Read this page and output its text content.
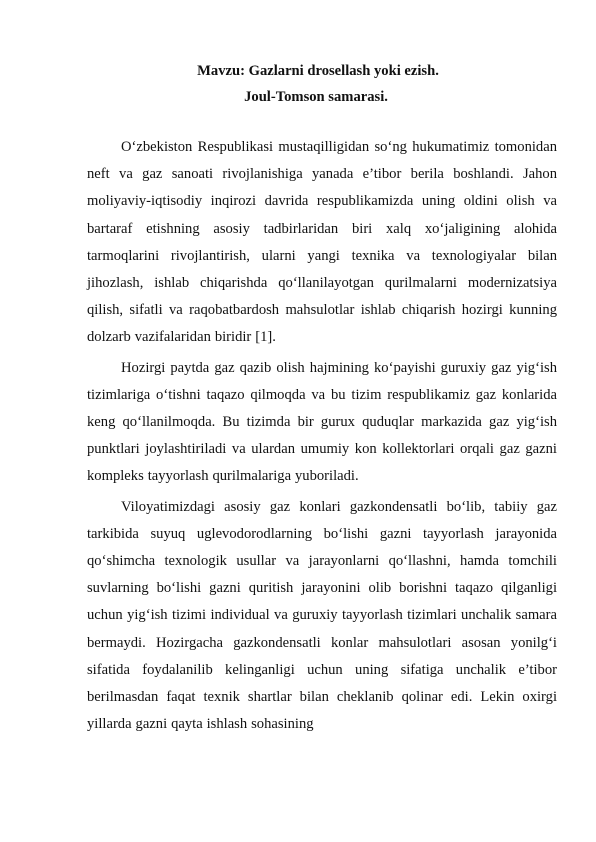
Mavzu: Gazlarni drosellash yoki ezish.
Joul-Tomson samarasi.

O‘zbekiston Respublikasi mustaqilligidan so‘ng hukumatimiz tomonidan neft va gaz sanoati rivojlanishiga yanada e’tibor berila boshlandi. Jahon moliyaviy-iqtisodiy inqirozi davrida respublikamizda uning oldini olish va bartaraf etishning asosiy tadbirlaridan biri xalq xo‘jaligining alohida tarmoqlarini rivojlantirish, ularni yangi texnika va texnologiyalar bilan jihozlash, ishlab chiqarishda qo‘llanilayotgan qurilmalarni modernizatsiya qilish, sifatli va raqobatbardosh mahsulotlar ishlab chiqarish hozirgi kunning dolzarb vazifalaridan biridir [1].

Hozirgi paytda gaz qazib olish hajmining ko‘payishi guruxiy gaz yig‘ish tizimlariga o‘tishni taqazo qilmoqda va bu tizim respublikamiz gaz konlarida keng qo‘llanilmoqda. Bu tizimda bir gurux quduqlar markazida gaz yig‘ish punktlari joylashtiriladi va ulardan umumiy kon kollektorlari orqali gaz gazni kompleks tayyorlash qurilmalariga yuboriladi.

Viloyatimizdagi asosiy gaz konlari gazkondensatli bo‘lib, tabiiy gaz tarkibida suyuq uglevodorodlarning bo‘lishi gazni tayyorlash jarayonida qo‘shimcha texnologik usullar va jarayonlarni qo‘llashni, hamda tomchili suvlarning bo‘lishi gazni quritish jarayonini olib borishni taqazo qilganligi uchun yig‘ish tizimi individual va guruxiy tayyorlash tizimlari unchalik samara bermaydi. Hozirgacha gazkondensatli konlar mahsulotlari asosan yonilg‘i sifatida foydalanilib kelinganligi uchun uning sifatiga unchalik e’tibor berilmasdan faqat texnik shartlar bilan cheklanib qolinar edi. Lekin oxirgi yillarda gazni qayta ishlash sohasining
